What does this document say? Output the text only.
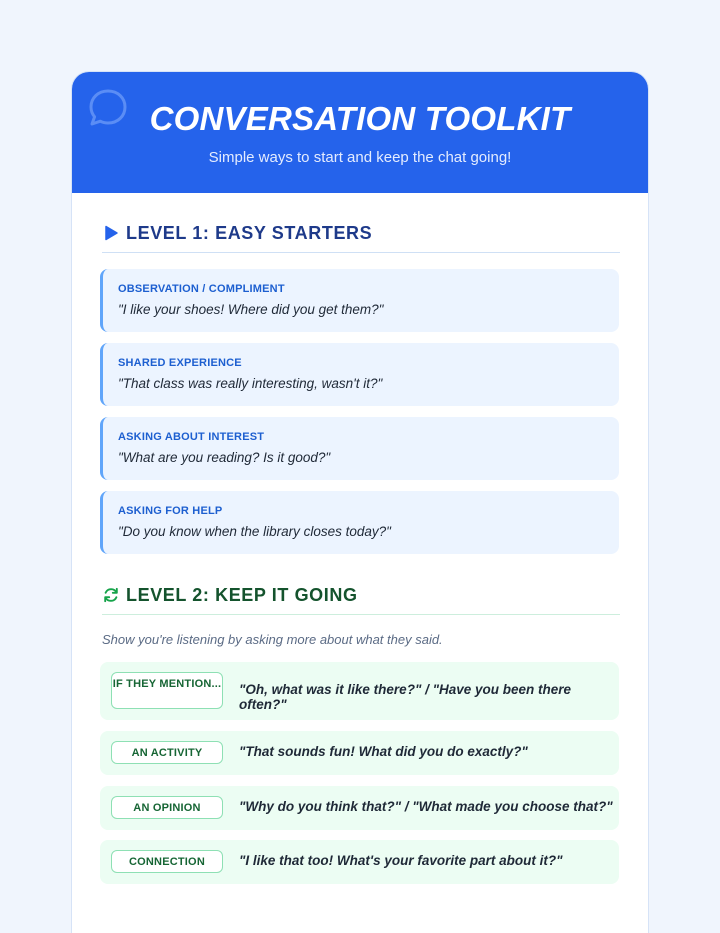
CONVERSATION TOOLKIT
Simple ways to start and keep the chat going!
LEVEL 1: EASY STARTERS
OBSERVATION / COMPLIMENT
"I like your shoes! Where did you get them?"
SHARED EXPERIENCE
"That class was really interesting, wasn't it?"
ASKING ABOUT INTEREST
"What are you reading? Is it good?"
ASKING FOR HELP
"Do you know when the library closes today?"
LEVEL 2: KEEP IT GOING
Show you're listening by asking more about what they said.
IF THEY MENTION... "Oh, what was it like there?" / "Have you been there often?"
AN ACTIVITY	"That sounds fun! What did you do exactly?"
AN OPINION	"Why do you think that?" / "What made you choose that?"
CONNECTION	"I like that too! What's your favorite part about it?"
